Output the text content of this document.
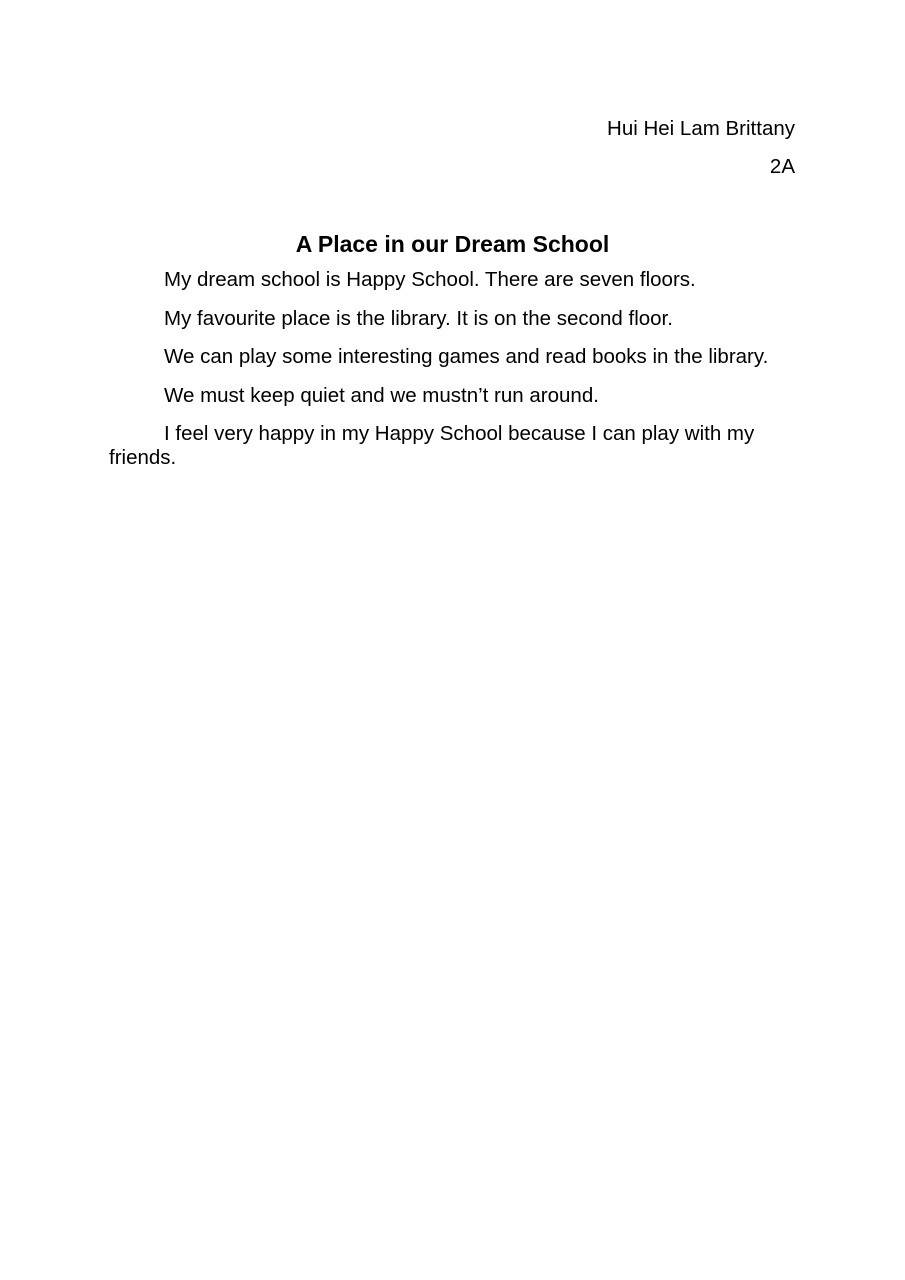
Hui Hei Lam Brittany
2A
A Place in our Dream School

My dream school is Happy School. There are seven floors.

My favourite place is the library. It is on the second floor.

We can play some interesting games and read books in the library.

We must keep quiet and we mustn’t run around.

I feel very happy in my Happy School because I can play with my friends.
